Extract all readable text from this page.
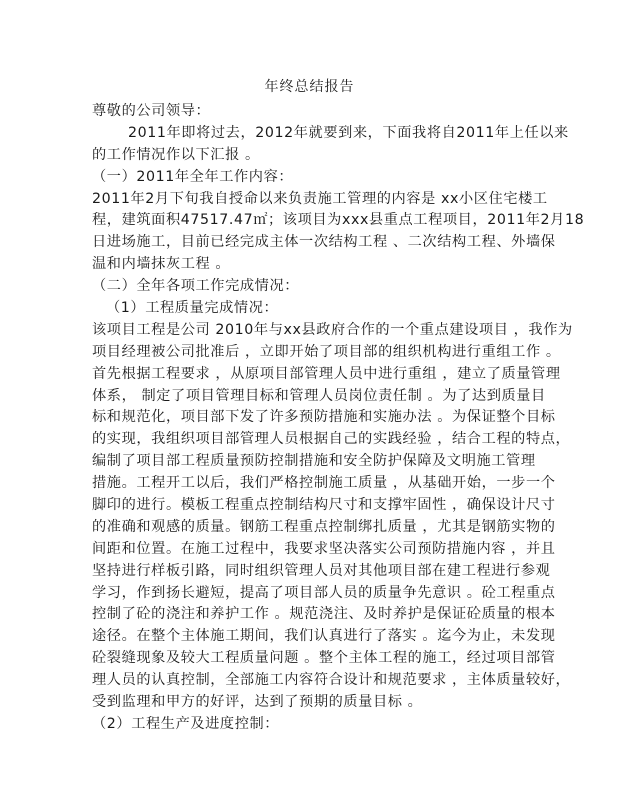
年终总结报告
尊敬的公司领导：
2011年即将过去，2012年就要到来，下面我将自2011年上任以来
的工作情况作以下汇报 。
（一）2011年全年工作内容：
2011年2月下旬我自授命以来负责施工管理的内容是 xx小区住宅楼工
程，建筑面积47517.47㎡；该项目为xxx县重点工程项目，2011年2月18
日进场施工，目前已经完成主体一次结构工程 、二次结构工程、外墙保
温和内墙抹灰工程 。
（二）全年各项工作完成情况：
（1）工程质量完成情况：
该项目工程是公司 2010年与xx县政府合作的一个重点建设项目 ，我作为
项目经理被公司批准后 ，立即开始了项目部的组织机构进行重组工作 。
首先根据工程要求 ，从原项目部管理人员中进行重组 ，建立了质量管理
体系， 制定了项目管理目标和管理人员岗位责任制 。为了达到质量目
标和规范化，项目部下发了许多预防措施和实施办法 。为保证整个目标
的实现，我组织项目部管理人员根据自己的实践经验 ，结合工程的特点，
编制了项目部工程质量预防控制措施和安全防护保障及文明施工管理
措施。工程开工以后，我们严格控制施工质量 ，从基础开始，一步一个
脚印的进行。模板工程重点控制结构尺寸和支撑牢固性 ，确保设计尺寸
的准确和观感的质量。钢筋工程重点控制绑扎质量 ，尤其是钢筋实物的
间距和位置。在施工过程中，我要求坚决落实公司预防措施内容 ，并且
坚持进行样板引路，同时组织管理人员对其他项目部在建工程进行参观
学习，作到扬长避短，提高了项目部人员的质量争先意识 。砼工程重点
控制了砼的浇注和养护工作 。规范浇注、及时养护是保证砼质量的根本
途径。在整个主体施工期间，我们认真进行了落实 。迄今为止，未发现
砼裂缝现象及较大工程质量问题 。整个主体工程的施工，经过项目部管
理人员的认真控制，全部施工内容符合设计和规范要求 ，主体质量较好，
受到监理和甲方的好评，达到了预期的质量目标 。
（2）工程生产及进度控制：
